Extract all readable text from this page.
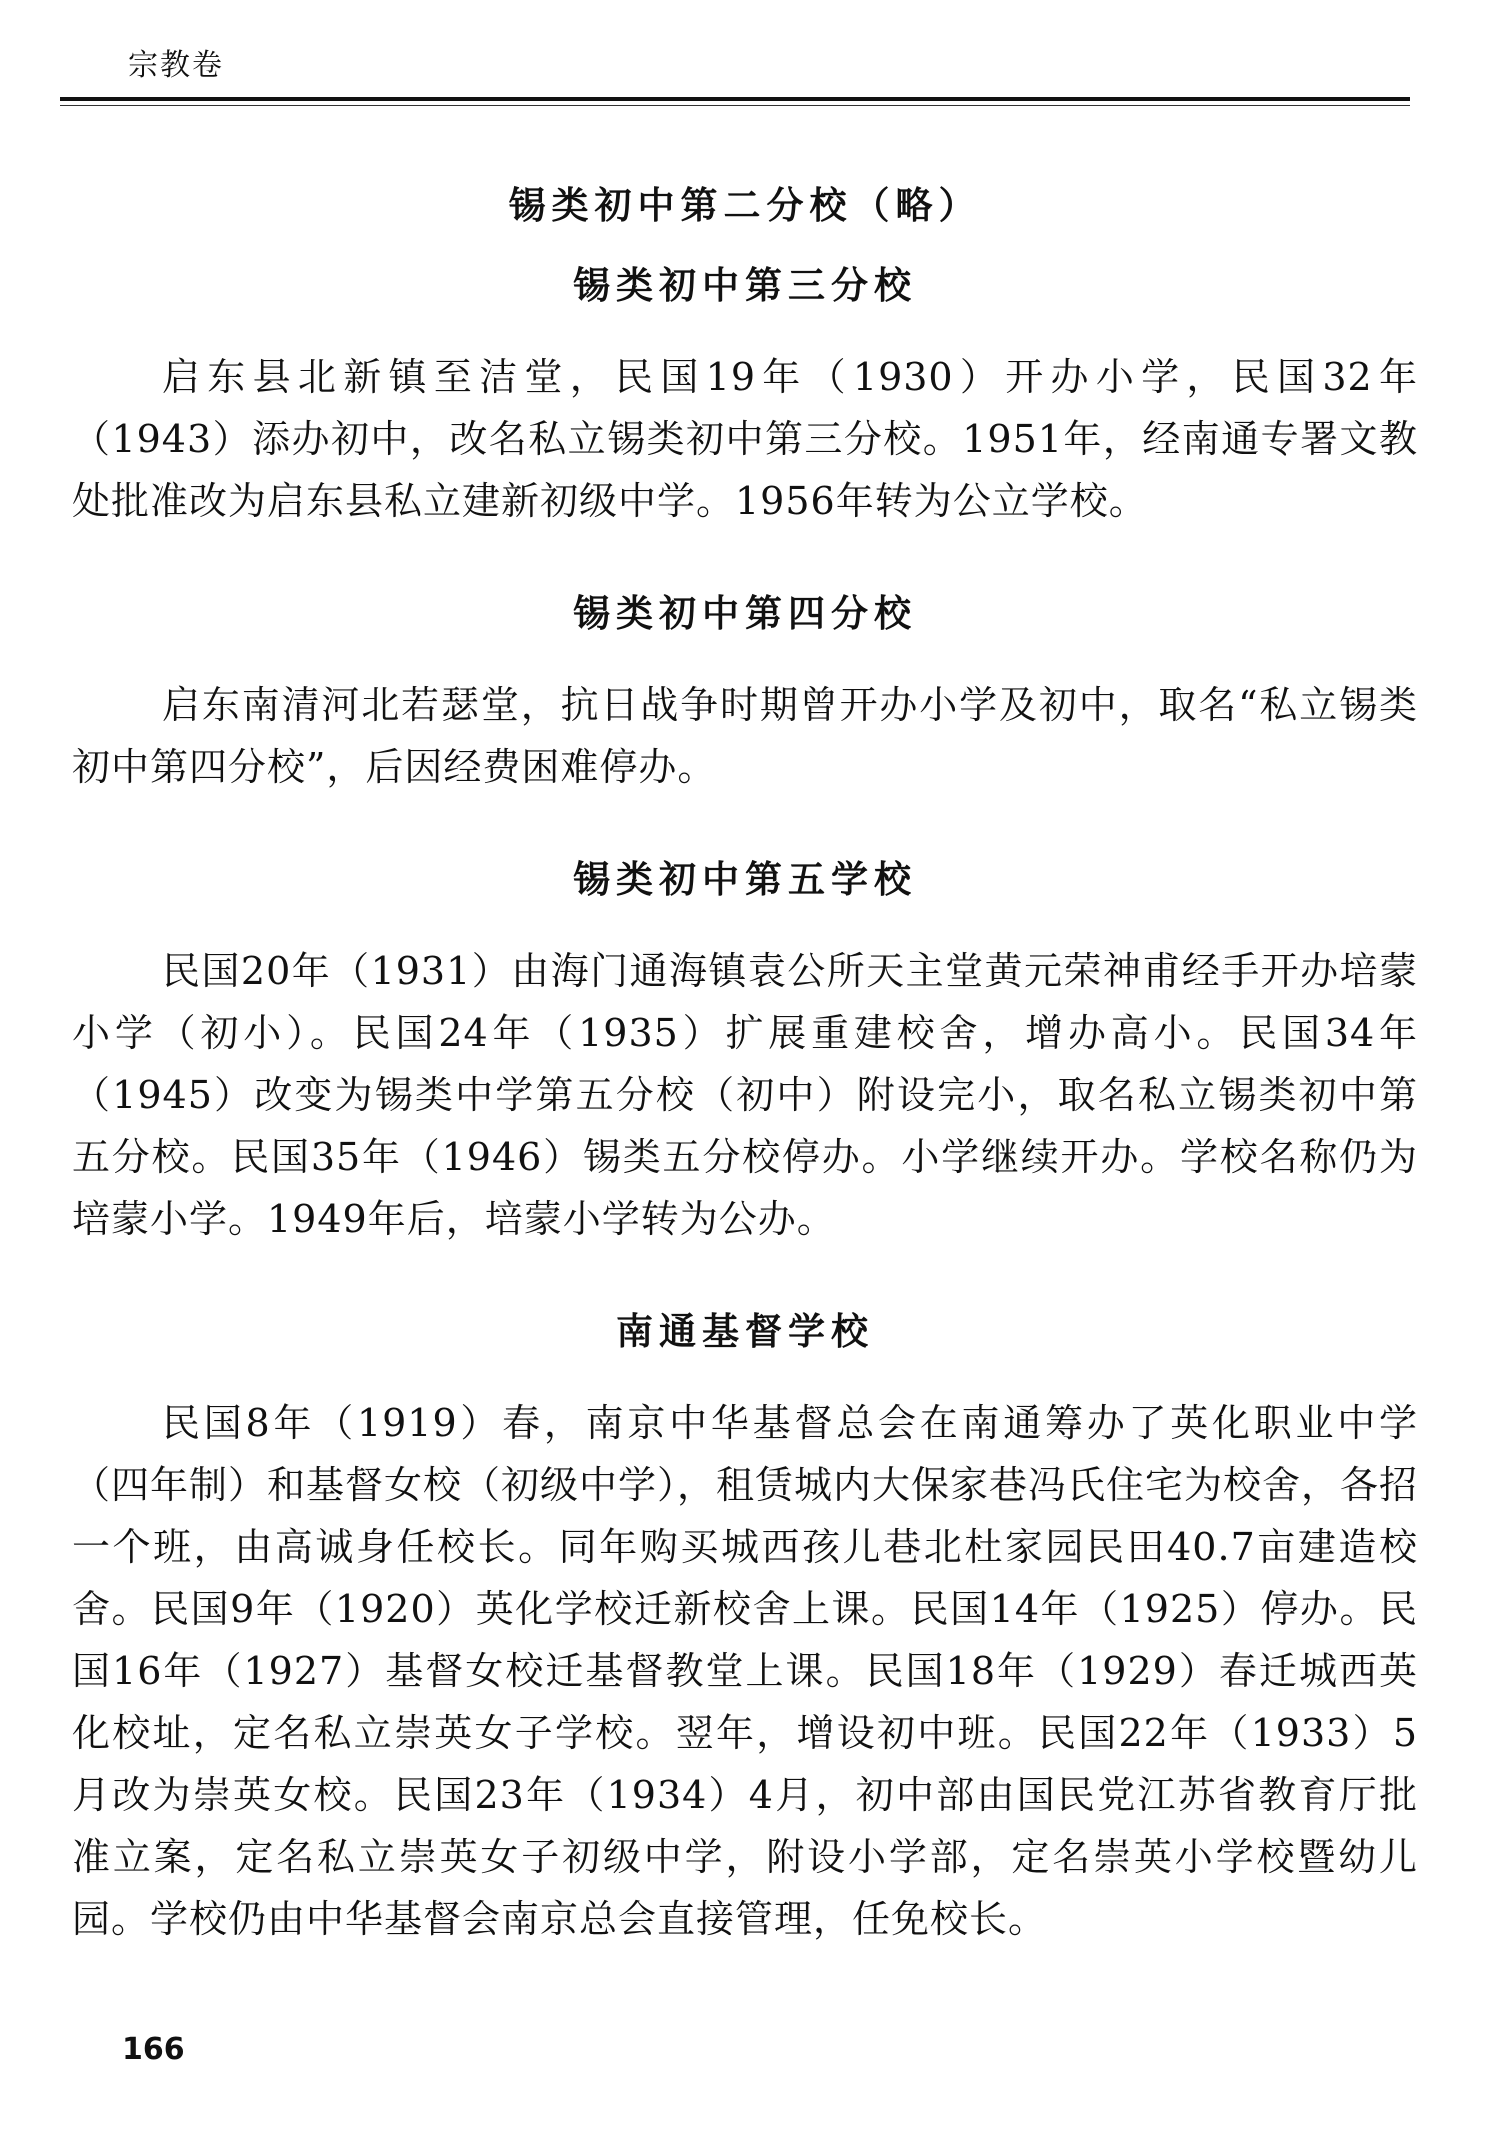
宗教卷
锡类初中第二分校（略）
锡类初中第三分校

启东县北新镇至洁堂，民国19年（1930）开办小学，民国32年（1943）添办初中，改名私立锡类初中第三分校。1951年，经南通专署文教处批准改为启东县私立建新初级中学。1956年转为公立学校。

锡类初中第四分校

启东南清河北若瑟堂，抗日战争时期曾开办小学及初中，取名“私立锡类初中第四分校”，后因经费困难停办。

锡类初中第五学校

民国20年（1931）由海门通海镇袁公所天主堂黄元荣神甫经手开办培蒙小学（初小）。民国24年（1935）扩展重建校舍，增办高小。民国34年（1945）改变为锡类中学第五分校（初中）附设完小，取名私立锡类初中第五分校。民国35年（1946）锡类五分校停办。小学继续开办。学校名称仍为培蒙小学。1949年后，培蒙小学转为公办。

南通基督学校

民国8年（1919）春，南京中华基督总会在南通筹办了英化职业中学（四年制）和基督女校（初级中学），租赁城内大保家巷冯氏住宅为校舍，各招一个班，由高诚身任校长。同年购买城西孩儿巷北杜家园民田40.7亩建造校舍。民国9年（1920）英化学校迁新校舍上课。民国14年（1925）停办。民国16年（1927）基督女校迁基督教堂上课。民国18年（1929）春迁城西英化校址，定名私立崇英女子学校。翌年，增设初中班。民国22年（1933）5月改为崇英女校。民国23年（1934）4月，初中部由国民党江苏省教育厅批准立案，定名私立崇英女子初级中学，附设小学部，定名崇英小学校暨幼儿园。学校仍由中华基督会南京总会直接管理，任免校长。

166
